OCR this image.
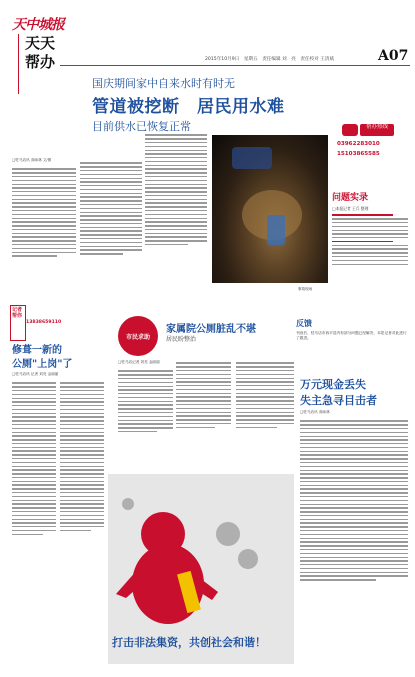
天中城报
天天帮办	2015年10月9日　星期五　责任编辑 刘　亮　责任校对 王清斌	A07
国庆期间家中自来水时有时无
管道被挖断　居民用水难
目前供水已恢复正常	帮办热线
03962283010
15103865585
□驻马店讯 高咏林 文/图
事故现场
问题实录
□本报记者 王兵 整理
记者帮你
13838659110
修葺一新的
公厕"上岗"了
□驻马店讯 记者 刘亮 金丽丽
市民求助
家属院公厕脏乱不堪
居民盼整治
□驻马店记者 刘亮 金丽丽
反馈
刊登后，驻马店市西平县内有部分问题已经解决，本报记者对此进行了跟进。
万元现金丢失
失主急寻目击者
□驻马店讯 高咏林
打击非法集资，共创社会和谐！
